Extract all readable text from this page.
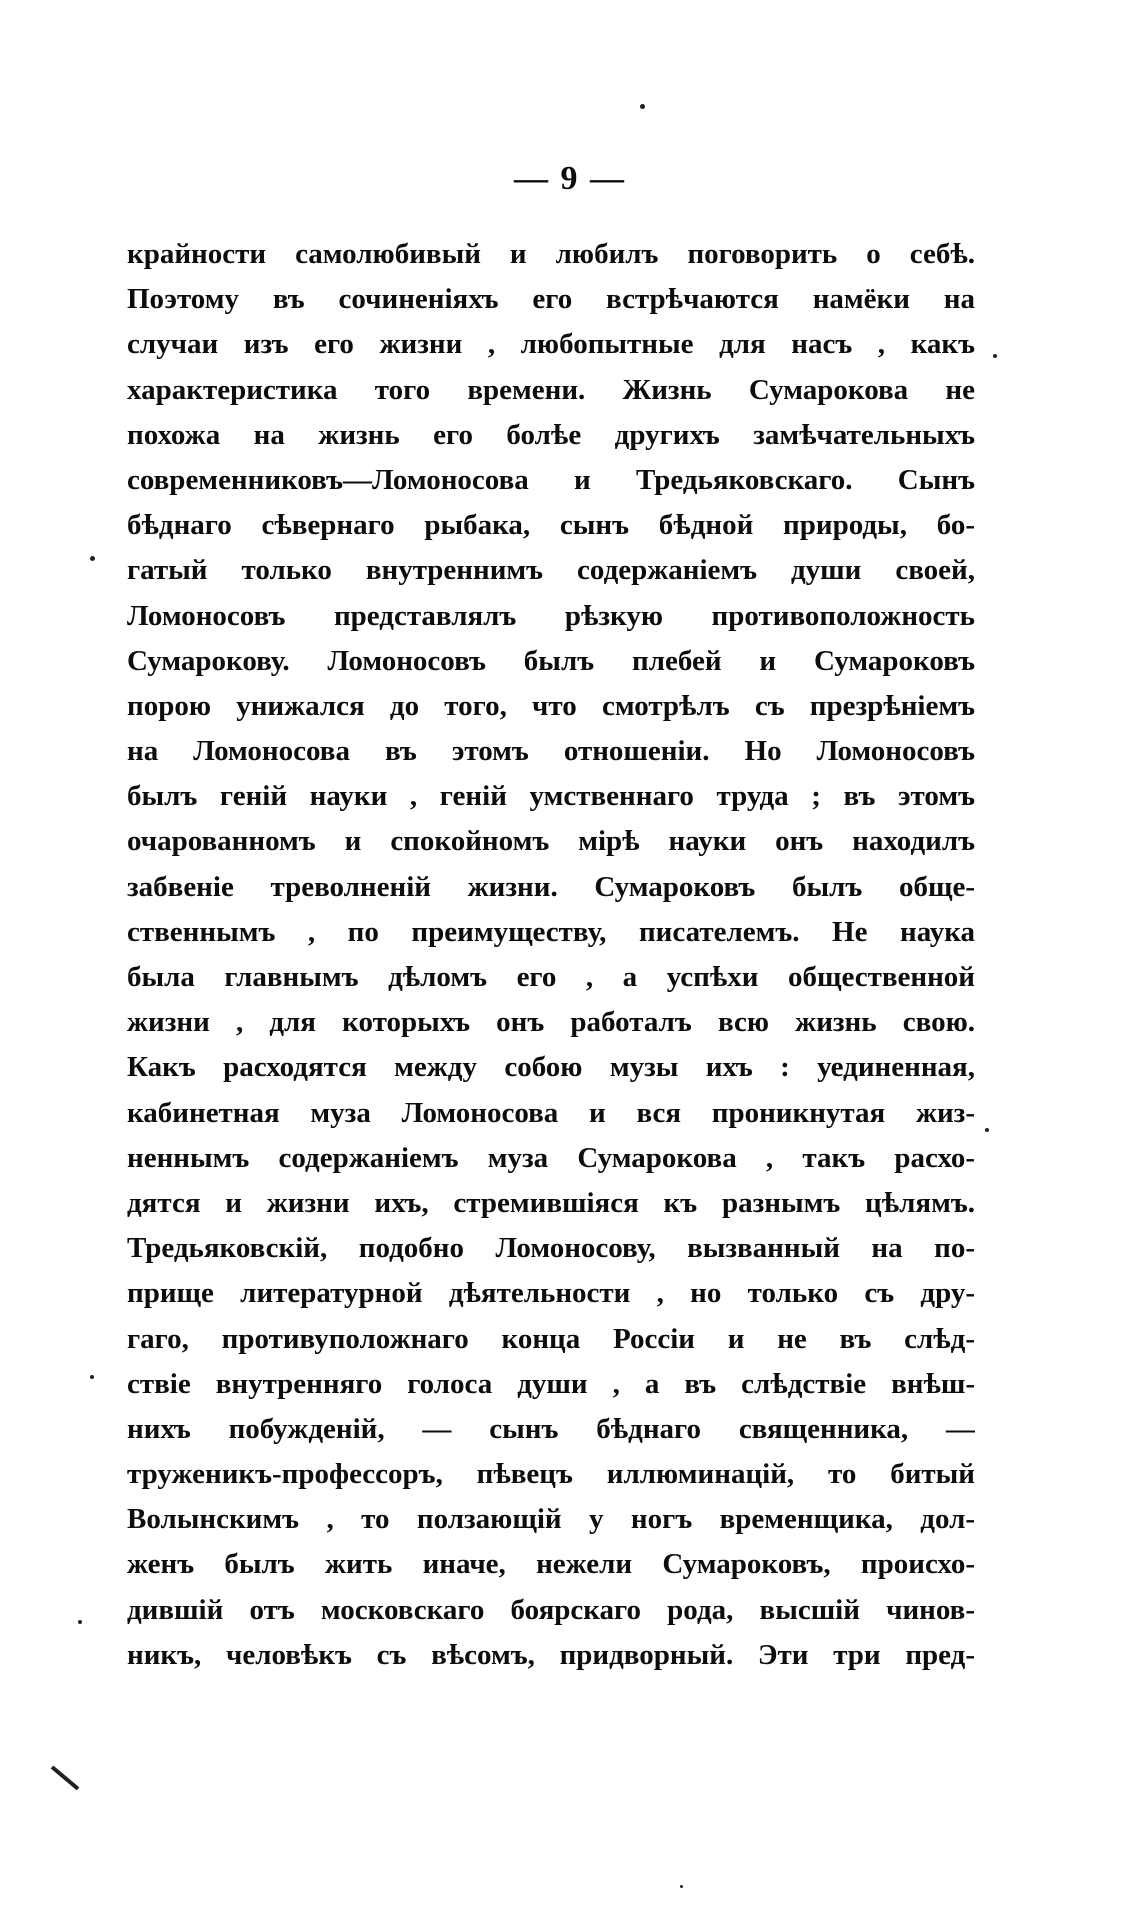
— 9 —
крайности самолюбивый и любилъ поговорить о себѣ.
Поэтому въ сочиненіяхъ его встрѣчаются намёки на
случаи изъ его жизни , любопытные для насъ , какъ
характеристика того времени. Жизнь Сумарокова не
похожа на жизнь его болѣе другихъ замѣчательныхъ
современниковъ—Ломоносова и Тредьяковскаго. Сынъ
бѣднаго сѣвернаго рыбака, сынъ бѣдной природы, бо-
гатый только внутреннимъ содержаніемъ души своей,
Ломоносовъ представлялъ рѣзкую противоположность
Сумарокову. Ломоносовъ былъ плебей и Сумароковъ
порою унижался до того, что смотрѣлъ съ презрѣніемъ
на Ломоносова въ этомъ отношеніи. Но Ломоносовъ
былъ геній науки , геній умственнаго труда ; въ этомъ
очарованномъ и спокойномъ мірѣ науки онъ находилъ
забвеніе треволненій жизни. Сумароковъ былъ обще-
ственнымъ , по преимуществу, писателемъ. Не наука
была главнымъ дѣломъ его , а успѣхи общественной
жизни , для которыхъ онъ работалъ всю жизнь свою.
Какъ расходятся между собою музы ихъ : уединенная,
кабинетная муза Ломоносова и вся проникнутая жиз-
неннымъ содержаніемъ муза Сумарокова , такъ расхо-
дятся и жизни ихъ, стремившіяся къ разнымъ цѣлямъ.
Тредьяковскій, подобно Ломоносову, вызванный на по-
прище литературной дѣятельности , но только съ дру-
гаго, противуположнаго конца Россіи и не въ слѣд-
ствіе внутренняго голоса души , а въ слѣдствіе внѣш-
нихъ побужденій, — сынъ бѣднаго священника, —
труженикъ-профессоръ, пѣвецъ иллюминацій, то битый
Волынскимъ , то ползающій у ногъ временщика, дол-
женъ былъ жить иначе, нежели Сумароковъ, происхо-
дившій отъ московскаго боярскаго рода, высшій чинов-
никъ, человѣкъ съ вѣсомъ, придворный. Эти три пред-
